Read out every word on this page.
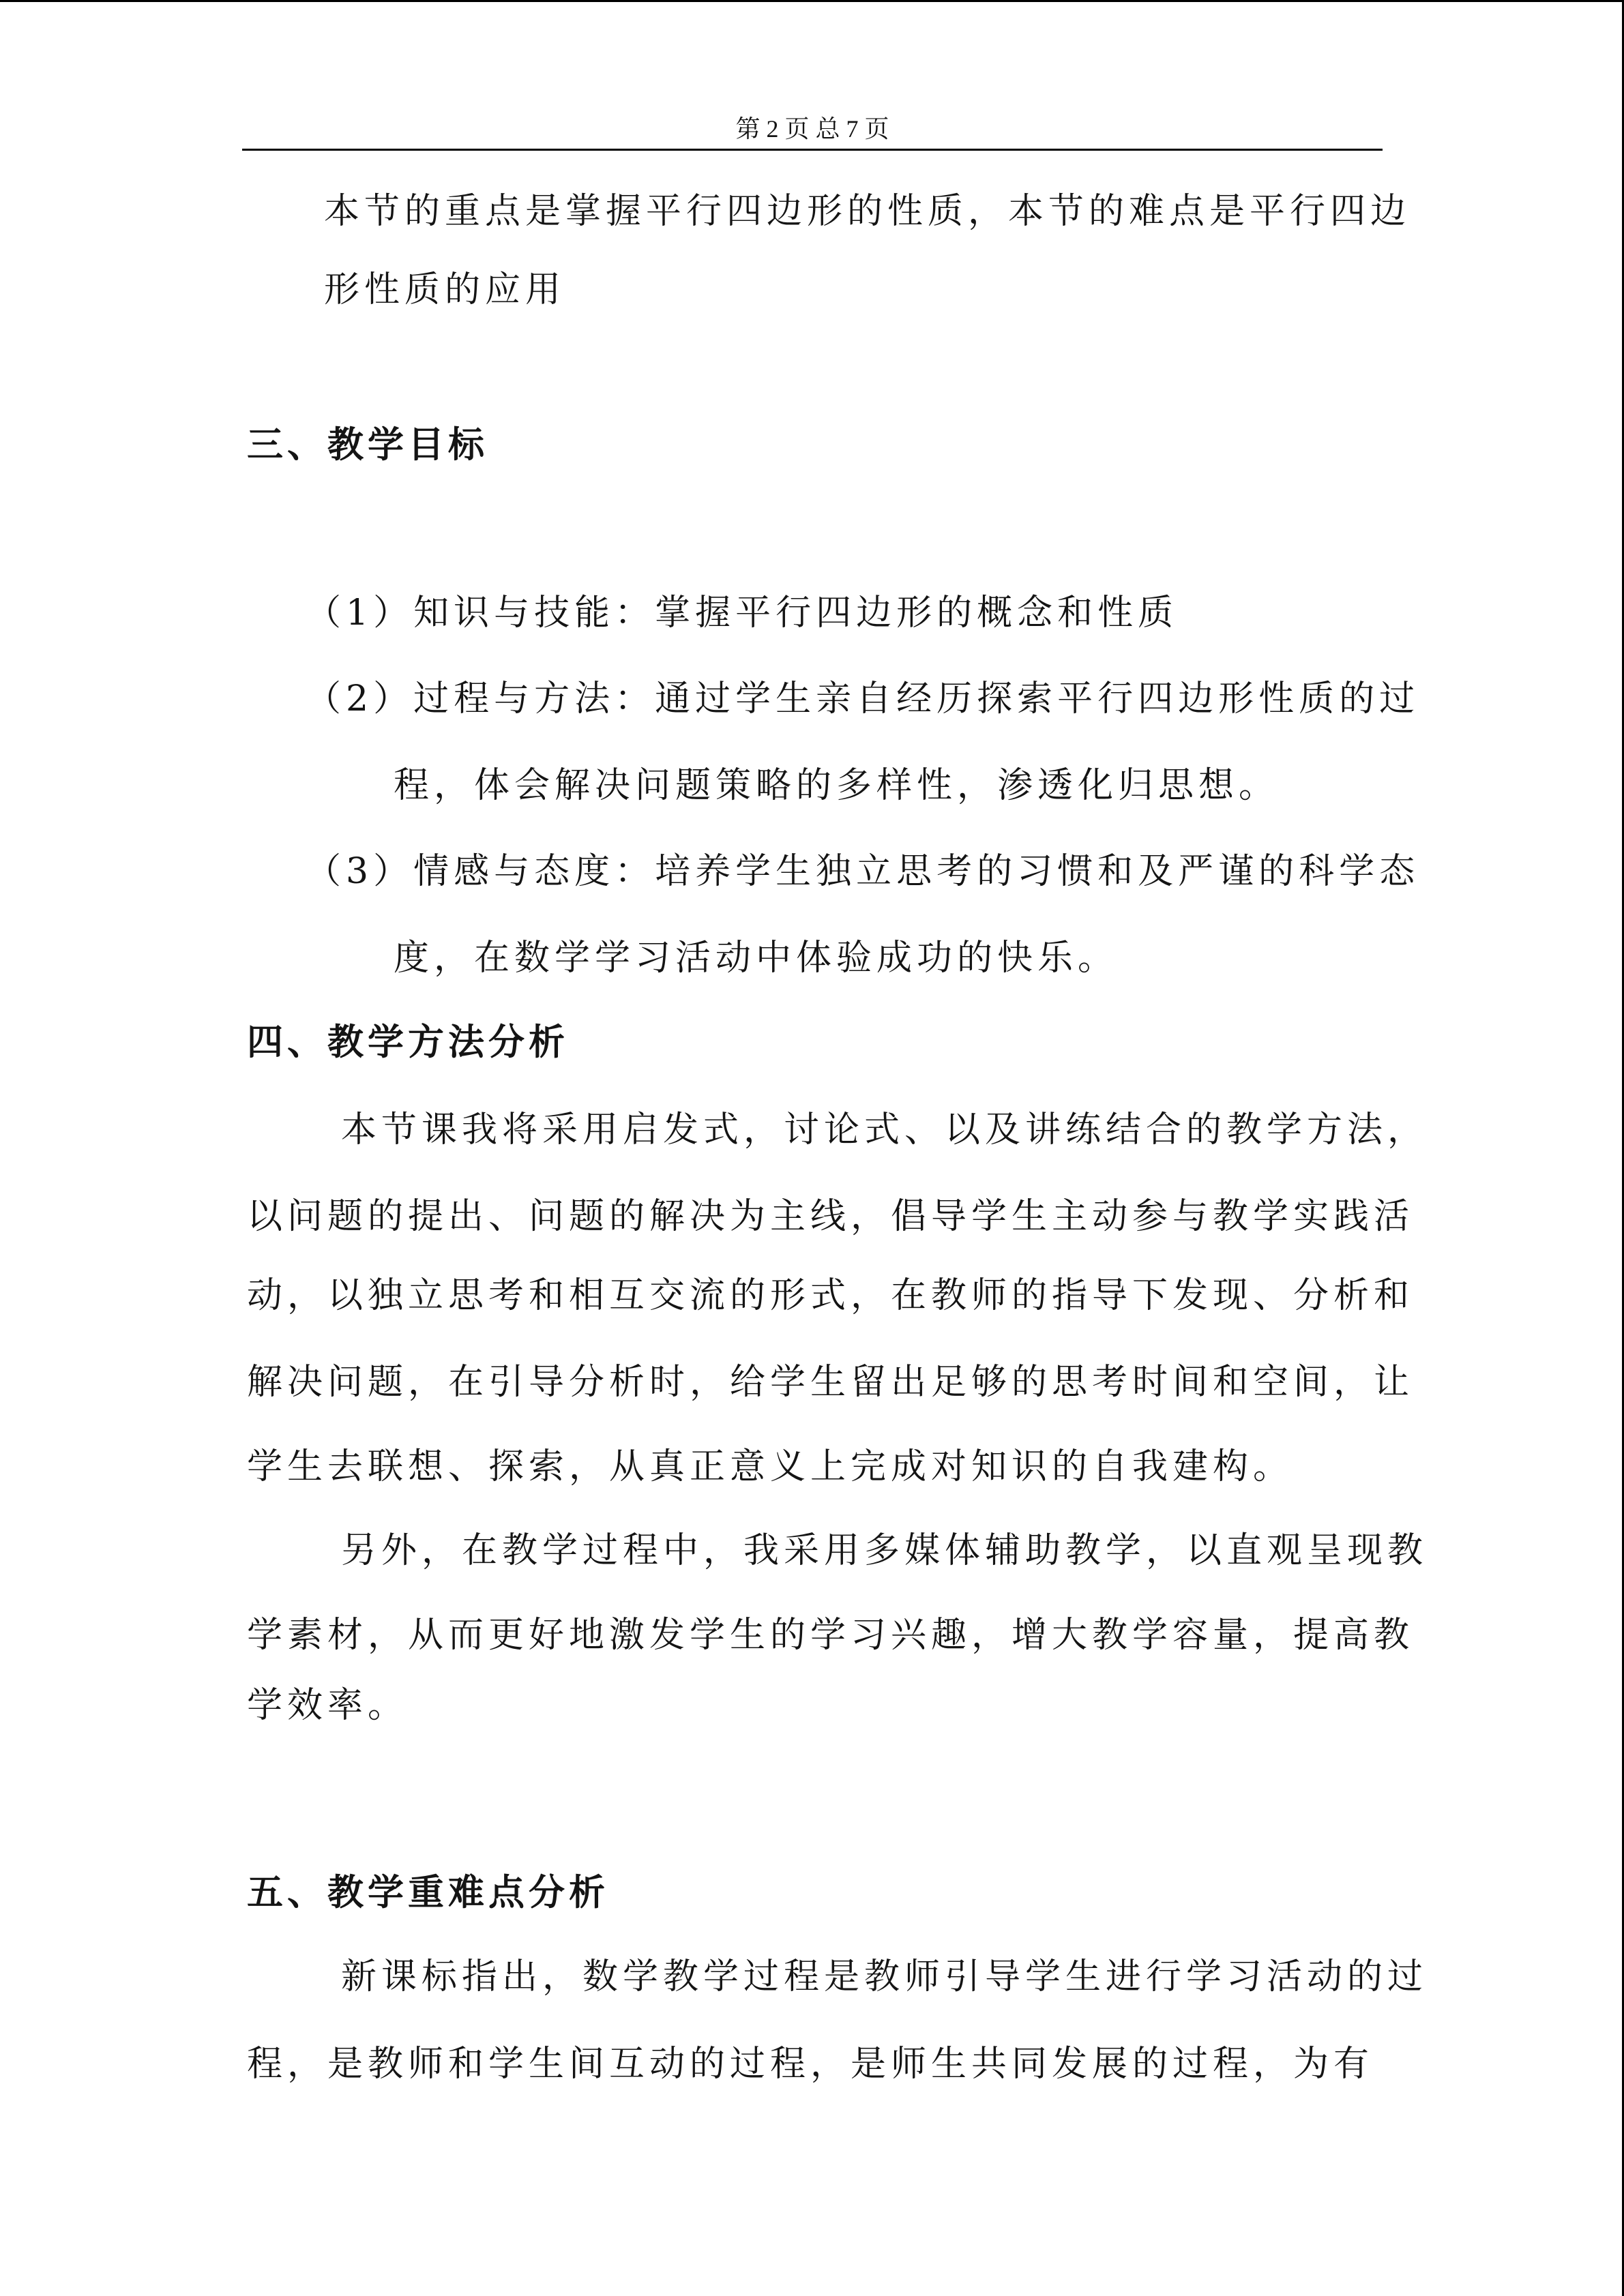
第 2 页 总 7 页
本节的重点是掌握平行四边形的性质，本节的难点是平行四边
形性质的应用
三、教学目标
（1）知识与技能：掌握平行四边形的概念和性质
（2）过程与方法：通过学生亲自经历探索平行四边形性质的过
程，体会解决问题策略的多样性，渗透化归思想。
（3）情感与态度：培养学生独立思考的习惯和及严谨的科学态
度，在数学学习活动中体验成功的快乐。
四、教学方法分析
本节课我将采用启发式，讨论式、以及讲练结合的教学方法，
以问题的提出、问题的解决为主线，倡导学生主动参与教学实践活
动，以独立思考和相互交流的形式，在教师的指导下发现、分析和
解决问题，在引导分析时，给学生留出足够的思考时间和空间，让
学生去联想、探索，从真正意义上完成对知识的自我建构。
另外，在教学过程中，我采用多媒体辅助教学，以直观呈现教
学素材，从而更好地激发学生的学习兴趣，增大教学容量，提高教
学效率。
五、教学重难点分析
新课标指出，数学教学过程是教师引导学生进行学习活动的过
程，是教师和学生间互动的过程，是师生共同发展的过程，为有
